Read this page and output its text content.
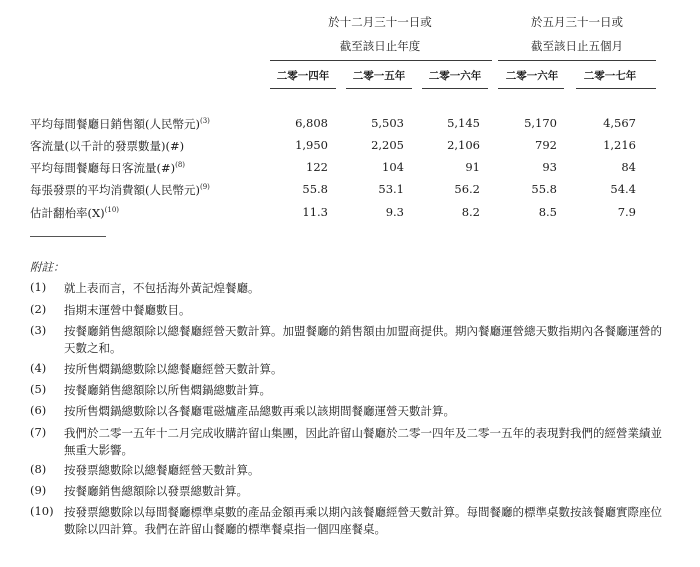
於十二月三十一日或
截至該日止年度
於五月三十一日或
截至該日止五個月
二零一四年	二零一五年	二零一六年	二零一六年	二零一七年
平均每間餐廳日銷售額(人民幣元)$^{(3)}$	6,808	5,503	5,145	5,170	4,567
客流量(以千計的發票數量)(#)	1,950	2,205	2,106	792	1,216
平均每間餐廳每日客流量(#)$^{(8)}$	122	104	91	93	84
每張發票的平均消費額(人民幣元)$^{(9)}$	55.8	53.1	56.2	55.8	54.4
估計翻枱率$(X)^{(10)}$	11.3	9.3	8.2	8.5	7.9
附註：
(1) 就上表而言，不包括海外黃記煌餐廳。
(2) 指期末運營中餐廳數目。
(3) 按餐廳銷售總額除以總餐廳經營天數計算。加盟餐廳的銷售額由加盟商提供。期內餐廳運營總天數指期內各餐廳運營的天數之和。
(4) 按所售燜鍋總數除以總餐廳經營天數計算。
(5) 按餐廳銷售總額除以所售燜鍋總數計算。
(6) 按所售燜鍋總數除以各餐廳電磁爐產品總數再乘以該期間餐廳運營天數計算。
(7) 我們於二零一五年十二月完成收購許留山集團，因此許留山餐廳於二零一四年及二零一五年的表現對我們的經營業績並無重大影響。
(8) 按發票總數除以總餐廳經營天數計算。
(9) 按餐廳銷售總額除以發票總數計算。
(10) 按發票總數除以每間餐廳標準桌數的產品金額再乘以期內該餐廳經營天數計算。每間餐廳的標準桌數按該餐廳實際座位數除以四計算。我們在許留山餐廳的標準餐桌指一個四座餐桌。
